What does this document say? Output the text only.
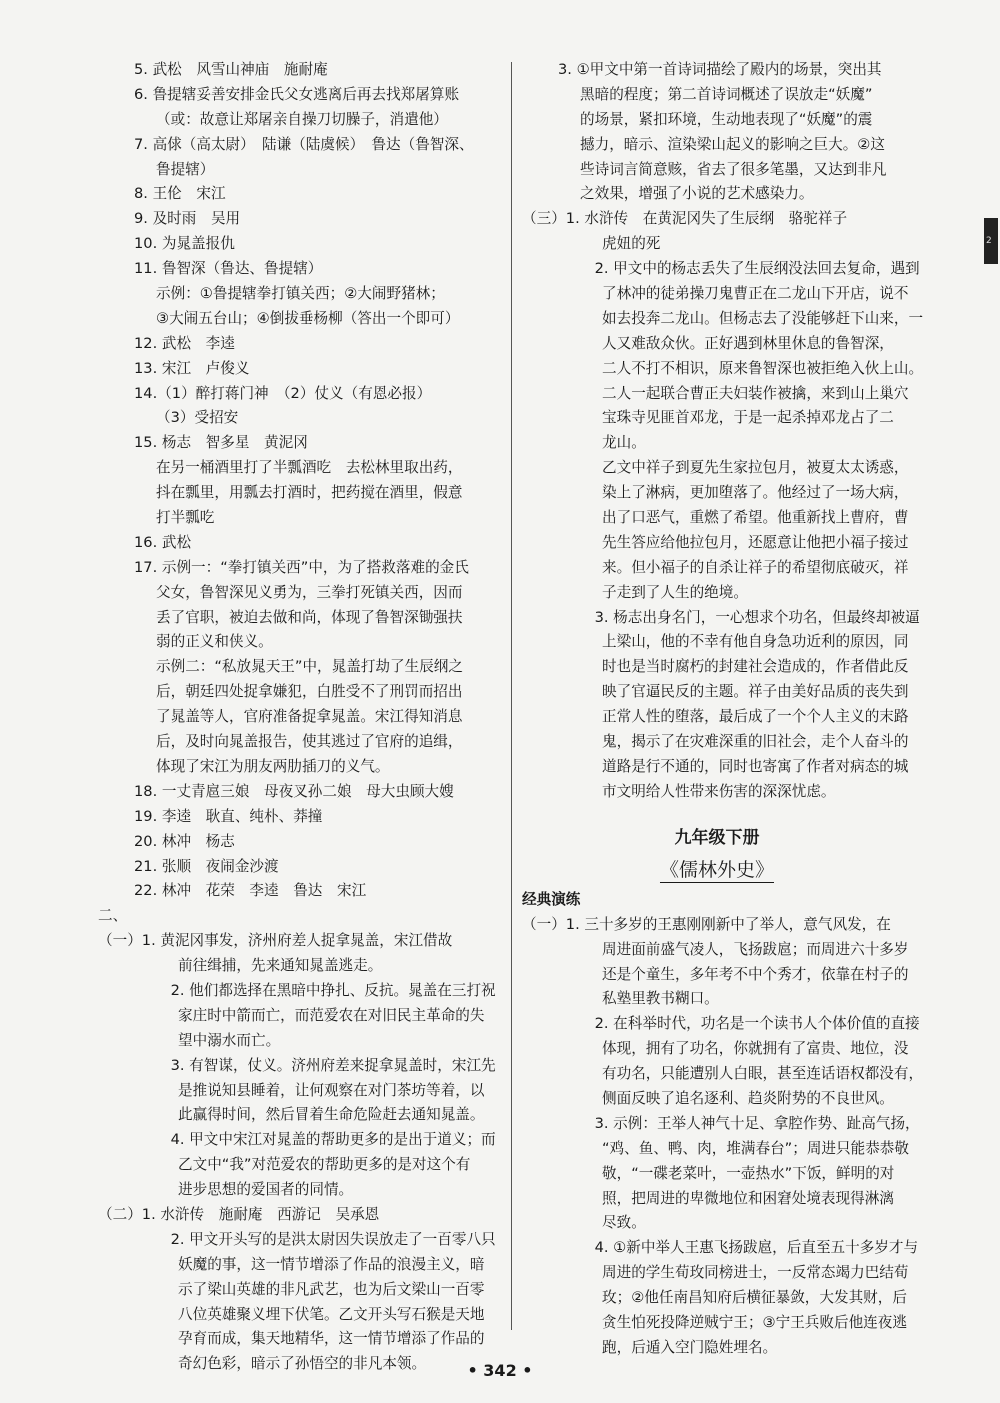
5. 武松　风雪山神庙　施耐庵
6. 鲁提辖妥善安排金氏父女逃离后再去找郑屠算账
（或：故意让郑屠亲自操刀切臊子，消遣他）
7. 高俅（高太尉）　陆谦（陆虞候）　鲁达（鲁智深、
鲁提辖）
8. 王伦　宋江
9. 及时雨　吴用
10. 为晁盖报仇
11. 鲁智深（鲁达、鲁提辖）
示例：①鲁提辖拳打镇关西；②大闹野猪林；
③大闹五台山；④倒拔垂杨柳（答出一个即可）
12. 武松　李逵
13. 宋江　卢俊义
14.（1）醉打蒋门神　（2）仗义（有恩必报）
（3）受招安
15. 杨志　智多星　黄泥冈
在另一桶酒里打了半瓢酒吃　去松林里取出药，
抖在瓢里，用瓢去打酒时，把药搅在酒里，假意
打半瓢吃
16. 武松
17. 示例一：“拳打镇关西”中，为了搭救落难的金氏
父女，鲁智深见义勇为，三拳打死镇关西，因而
丢了官职，被迫去做和尚，体现了鲁智深锄强扶
弱的正义和侠义。
示例二：“私放晁天王”中，晁盖打劫了生辰纲之
后，朝廷四处捉拿嫌犯，白胜受不了刑罚而招出
了晁盖等人，官府准备捉拿晁盖。宋江得知消息
后，及时向晁盖报告，使其逃过了官府的追缉，
体现了宋江为朋友两肋插刀的义气。
18. 一丈青扈三娘　母夜叉孙二娘　母大虫顾大嫂
19. 李逵　耿直、纯朴、莽撞
20. 林冲　杨志
21. 张顺　夜闹金沙渡
22. 林冲　花荣　李逵　鲁达　宋江
二、
（一）1. 黄泥冈事发，济州府差人捉拿晁盖，宋江借故
前往缉捕，先来通知晁盖逃走。
　2. 他们都选择在黑暗中挣扎、反抗。晁盖在三打祝
家庄时中箭而亡，而范爱农在对旧民主革命的失
望中溺水而亡。
　3. 有智谋，仗义。济州府差来捉拿晁盖时，宋江先
是推说知县睡着，让何观察在对门茶坊等着，以
此赢得时间，然后冒着生命危险赶去通知晁盖。
　4. 甲文中宋江对晁盖的帮助更多的是出于道义；而
乙文中“我”对范爱农的帮助更多的是对这个有
进步思想的爱国者的同情。
（二）1. 水浒传　施耐庵　西游记　吴承恩
　2. 甲文开头写的是洪太尉因失误放走了一百零八只
妖魔的事，这一情节增添了作品的浪漫主义，暗
示了梁山英雄的非凡武艺，也为后文梁山一百零
八位英雄聚义埋下伏笔。乙文开头写石猴是天地
孕育而成，集天地精华，这一情节增添了作品的
奇幻色彩，暗示了孙悟空的非凡本领。
3. ①甲文中第一首诗词描绘了殿内的场景，突出其
黑暗的程度；第二首诗词概述了误放走“妖魔”
的场景，紧扣环境，生动地表现了“妖魔”的震
撼力，暗示、渲染梁山起义的影响之巨大。②这
些诗词言简意赅，省去了很多笔墨，又达到非凡
之效果，增强了小说的艺术感染力。
（三）1. 水浒传　在黄泥冈失了生辰纲　骆驼祥子
虎妞的死
　2. 甲文中的杨志丢失了生辰纲没法回去复命，遇到
了林冲的徒弟操刀鬼曹正在二龙山下开店，说不
如去投奔二龙山。但杨志去了没能够赶下山来，一
人又难敌众伙。正好遇到林里休息的鲁智深，
二人不打不相识，原来鲁智深也被拒绝入伙上山。
二人一起联合曹正夫妇装作被擒，来到山上巢穴
宝珠寺见匪首邓龙，于是一起杀掉邓龙占了二
龙山。
乙文中祥子到夏先生家拉包月，被夏太太诱惑，
染上了淋病，更加堕落了。他经过了一场大病，
出了口恶气，重燃了希望。他重新找上曹府，曹
先生答应给他拉包月，还愿意让他把小福子接过
来。但小福子的自杀让祥子的希望彻底破灭，祥
子走到了人生的绝境。
　3. 杨志出身名门，一心想求个功名，但最终却被逼
上梁山，他的不幸有他自身急功近利的原因，同
时也是当时腐朽的封建社会造成的，作者借此反
映了官逼民反的主题。祥子由美好品质的丧失到
正常人性的堕落，最后成了一个个人主义的末路
鬼，揭示了在灾难深重的旧社会，走个人奋斗的
道路是行不通的，同时也寄寓了作者对病态的城
市文明给人性带来伤害的深深忧虑。
九年级下册
《儒林外史》
经典演练
（一）1. 三十多岁的王惠刚刚新中了举人，意气风发，在
周进面前盛气凌人，飞扬跋扈；而周进六十多岁
还是个童生，多年考不中个秀才，依靠在村子的
私塾里教书糊口。
　2. 在科举时代，功名是一个读书人个体价值的直接
体现，拥有了功名，你就拥有了富贵、地位，没
有功名，只能遭别人白眼，甚至连话语权都没有，
侧面反映了追名逐利、趋炎附势的不良世风。
　3. 示例：王举人神气十足、拿腔作势、趾高气扬，
“鸡、鱼、鸭、肉，堆满春台”；周进只能恭恭敬
敬，“一碟老菜叶，一壶热水”下饭，鲜明的对
照，把周进的卑微地位和困窘处境表现得淋漓
尽致。
　4. ①新中举人王惠飞扬跋扈，后直至五十多岁才与
周进的学生荀玫同榜进士，一反常态竭力巴结荀
玫；②他任南昌知府后横征暴敛，大发其财，后
贪生怕死投降逆贼宁王；③宁王兵败后他连夜逃
跑，后遁入空门隐姓埋名。
2
• 342 •
